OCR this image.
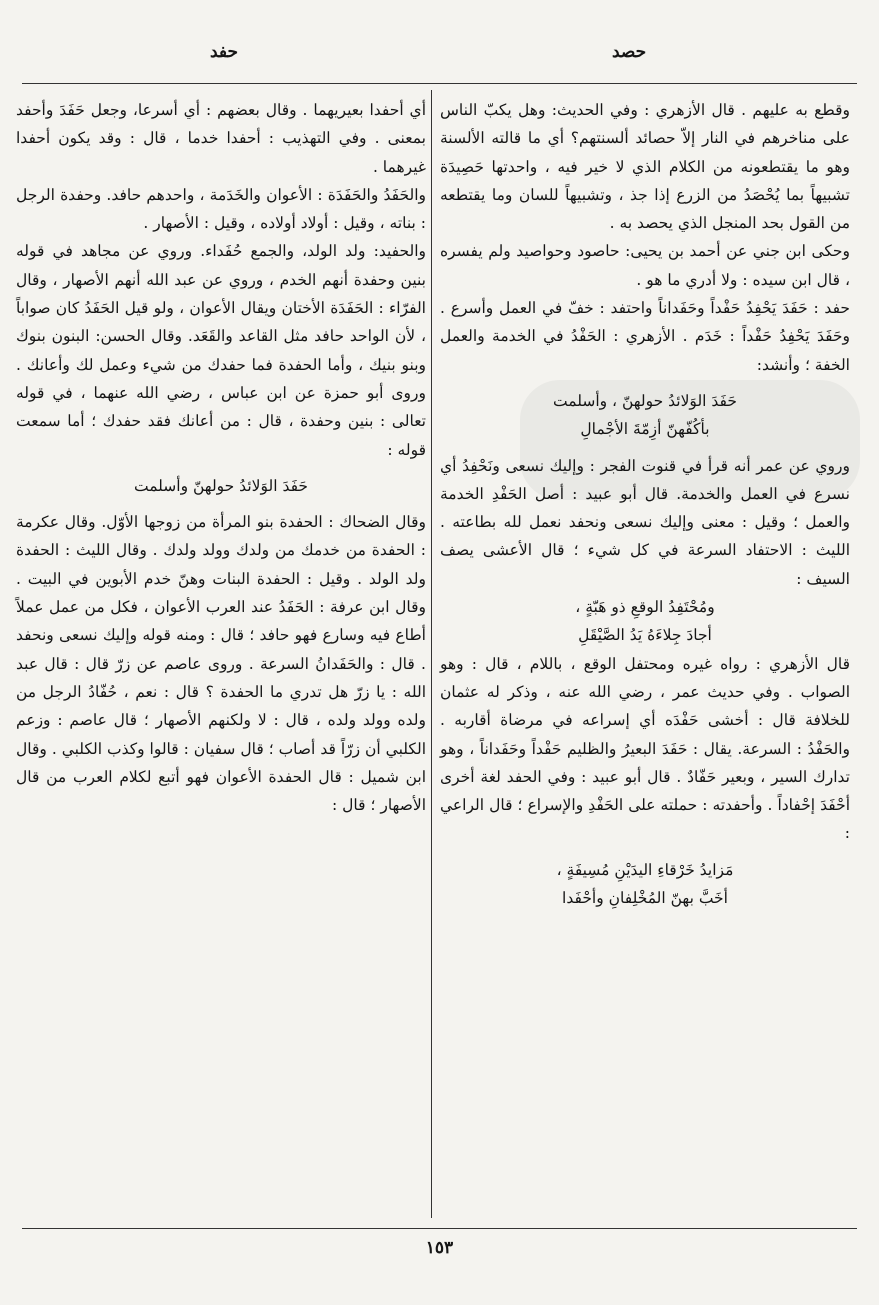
حصد
حفد

وقطع به عليهم . قال الأزهري : وفي الحديث: وهل يكبّ الناس على مناخرهم في النار إلاّ حصائد ألسنتهم؟ أي ما قالته الألسنة وهو ما يقتطعونه من الكلام الذي لا خير فيه ، واحدتها حَصِيدَة تشبيهاً بما يُحْصَدُ من الزرع إذا جذ ، وتشبيهاً للسان وما يقتطعه من القول بحد المنجل الذي يحصد به .

وحكى ابن جني عن أحمد بن يحيى: حاصود وحواصيد ولم يفسره ، قال ابن سيده : ولا أدري ما هو .

حفد : حَفَدَ يَحْفِدُ حَفْداً وحَفَداناً واحتفد : خفّ في العمل وأسرع . وحَفَدَ يَحْفِدُ حَفْداً : خَدَم . الأزهري : الحَفْدُ في الخدمة والعمل الخفة ؛ وأنشد:

حَفَدَ الوَلائدُ حولهنّ ، وأسلمت

بأكُفّهنّ أزِمّةَ الأجْمالِ

وروي عن عمر أنه قرأ في قنوت الفجر : وإليك نسعى ونَحْفِدُ أي نسرع في العمل والخدمة. قال أبو عبيد : أصل الحَفْدِ الخدمة والعمل ؛ وقيل : معنى وإليك نسعى ونحفد نعمل لله بطاعته . الليث : الاحتفاد السرعة في كل شيء ؛ قال الأعشى يصف السيف :

ومُحْتَفِدُ الوقعِ ذو هَبّةٍ ،

أجادَ جِلاءَهُ يَدُ الصَّيْقَلِ

قال الأزهري : رواه غيره ومحتفل الوقع ، باللام ، قال : وهو الصواب . وفي حديث عمر ، رضي الله عنه ، وذكر له عثمان للخلافة قال : أخشى حَفْدَه أي إسراعه في مرضاة أقاربه . والحَفْدُ : السرعة. يقال : حَفَدَ البعيرُ والظليم حَفْداً وحَفَداناً ، وهو تدارك السير ، وبعير حَفّادٌ . قال أبو عبيد : وفي الحفد لغة أخرى أحْفَدَ إحْفاداً . وأحفدته : حملته على الحَفْدِ والإسراع ؛ قال الراعي :

مَزايدُ خَرْقاءِ اليدَيْنِ مُسِيفَةٍ ،

أخَبَّ بهنّ المُخْلِفانِ وأحْفَدا

أي أحفدا بعيريهما . وقال بعضهم : أي أسرعا، وجعل حَفَدَ وأحفد بمعنى . وفي التهذيب : أحفدا خدما ، قال : وقد يكون أحفدا غيرهما .

والحَفَدُ والحَفَدَة : الأعوان والخَدَمة ، واحدهم حافد. وحفدة الرجل : بناته ، وقيل : أولاد أولاده ، وقيل : الأصهار .

والحفيد: ولد الولد، والجمع حُفَداء. وروي عن مجاهد في قوله بنين وحفدة أنهم الخدم ، وروي عن عبد الله أنهم الأصهار ، وقال الفرّاء : الحَفَدَة الأختان ويقال الأعوان ، ولو قيل الحَفَدُ كان صواباً ، لأن الواحد حافد مثل القاعد والقَعَد. وقال الحسن: البنون بنوك وبنو بنيك ، وأما الحفدة فما حفدك من شيء وعمل لك وأعانك . وروى أبو حمزة عن ابن عباس ، رضي الله عنهما ، في قوله تعالى : بنين وحفدة ، قال : من أعانك فقد حفدك ؛ أما سمعت قوله :

حَفَدَ الوَلائدُ حولهنّ وأسلمت

وقال الضحاك : الحفدة بنو المرأة من زوجها الأوّل. وقال عكرمة : الحفدة من خدمك من ولدك وولد ولدك . وقال الليث : الحفدة ولد الولد . وقيل : الحفدة البنات وهنّ خدم الأبوين في البيت . وقال ابن عرفة : الحَفَدُ عند العرب الأعوان ، فكل من عمل عملاً أطاع فيه وسارع فهو حافد ؛ قال : ومنه قوله وإليك نسعى ونحفد . قال : والحَفَدانُ السرعة . وروى عاصم عن زرّ قال : قال عبد الله : يا زرّ هل تدري ما الحفدة ؟ قال : نعم ، حُفّادُ الرجل من ولده وولد ولده ، قال : لا ولكنهم الأصهار ؛ قال عاصم : وزعم الكلبي أن زرّاً قد أصاب ؛ قال سفيان : قالوا وكذب الكلبي . وقال ابن شميل : قال الحفدة الأعوان فهو أتبع لكلام العرب من قال الأصهار ؛ قال :

١٥٣
